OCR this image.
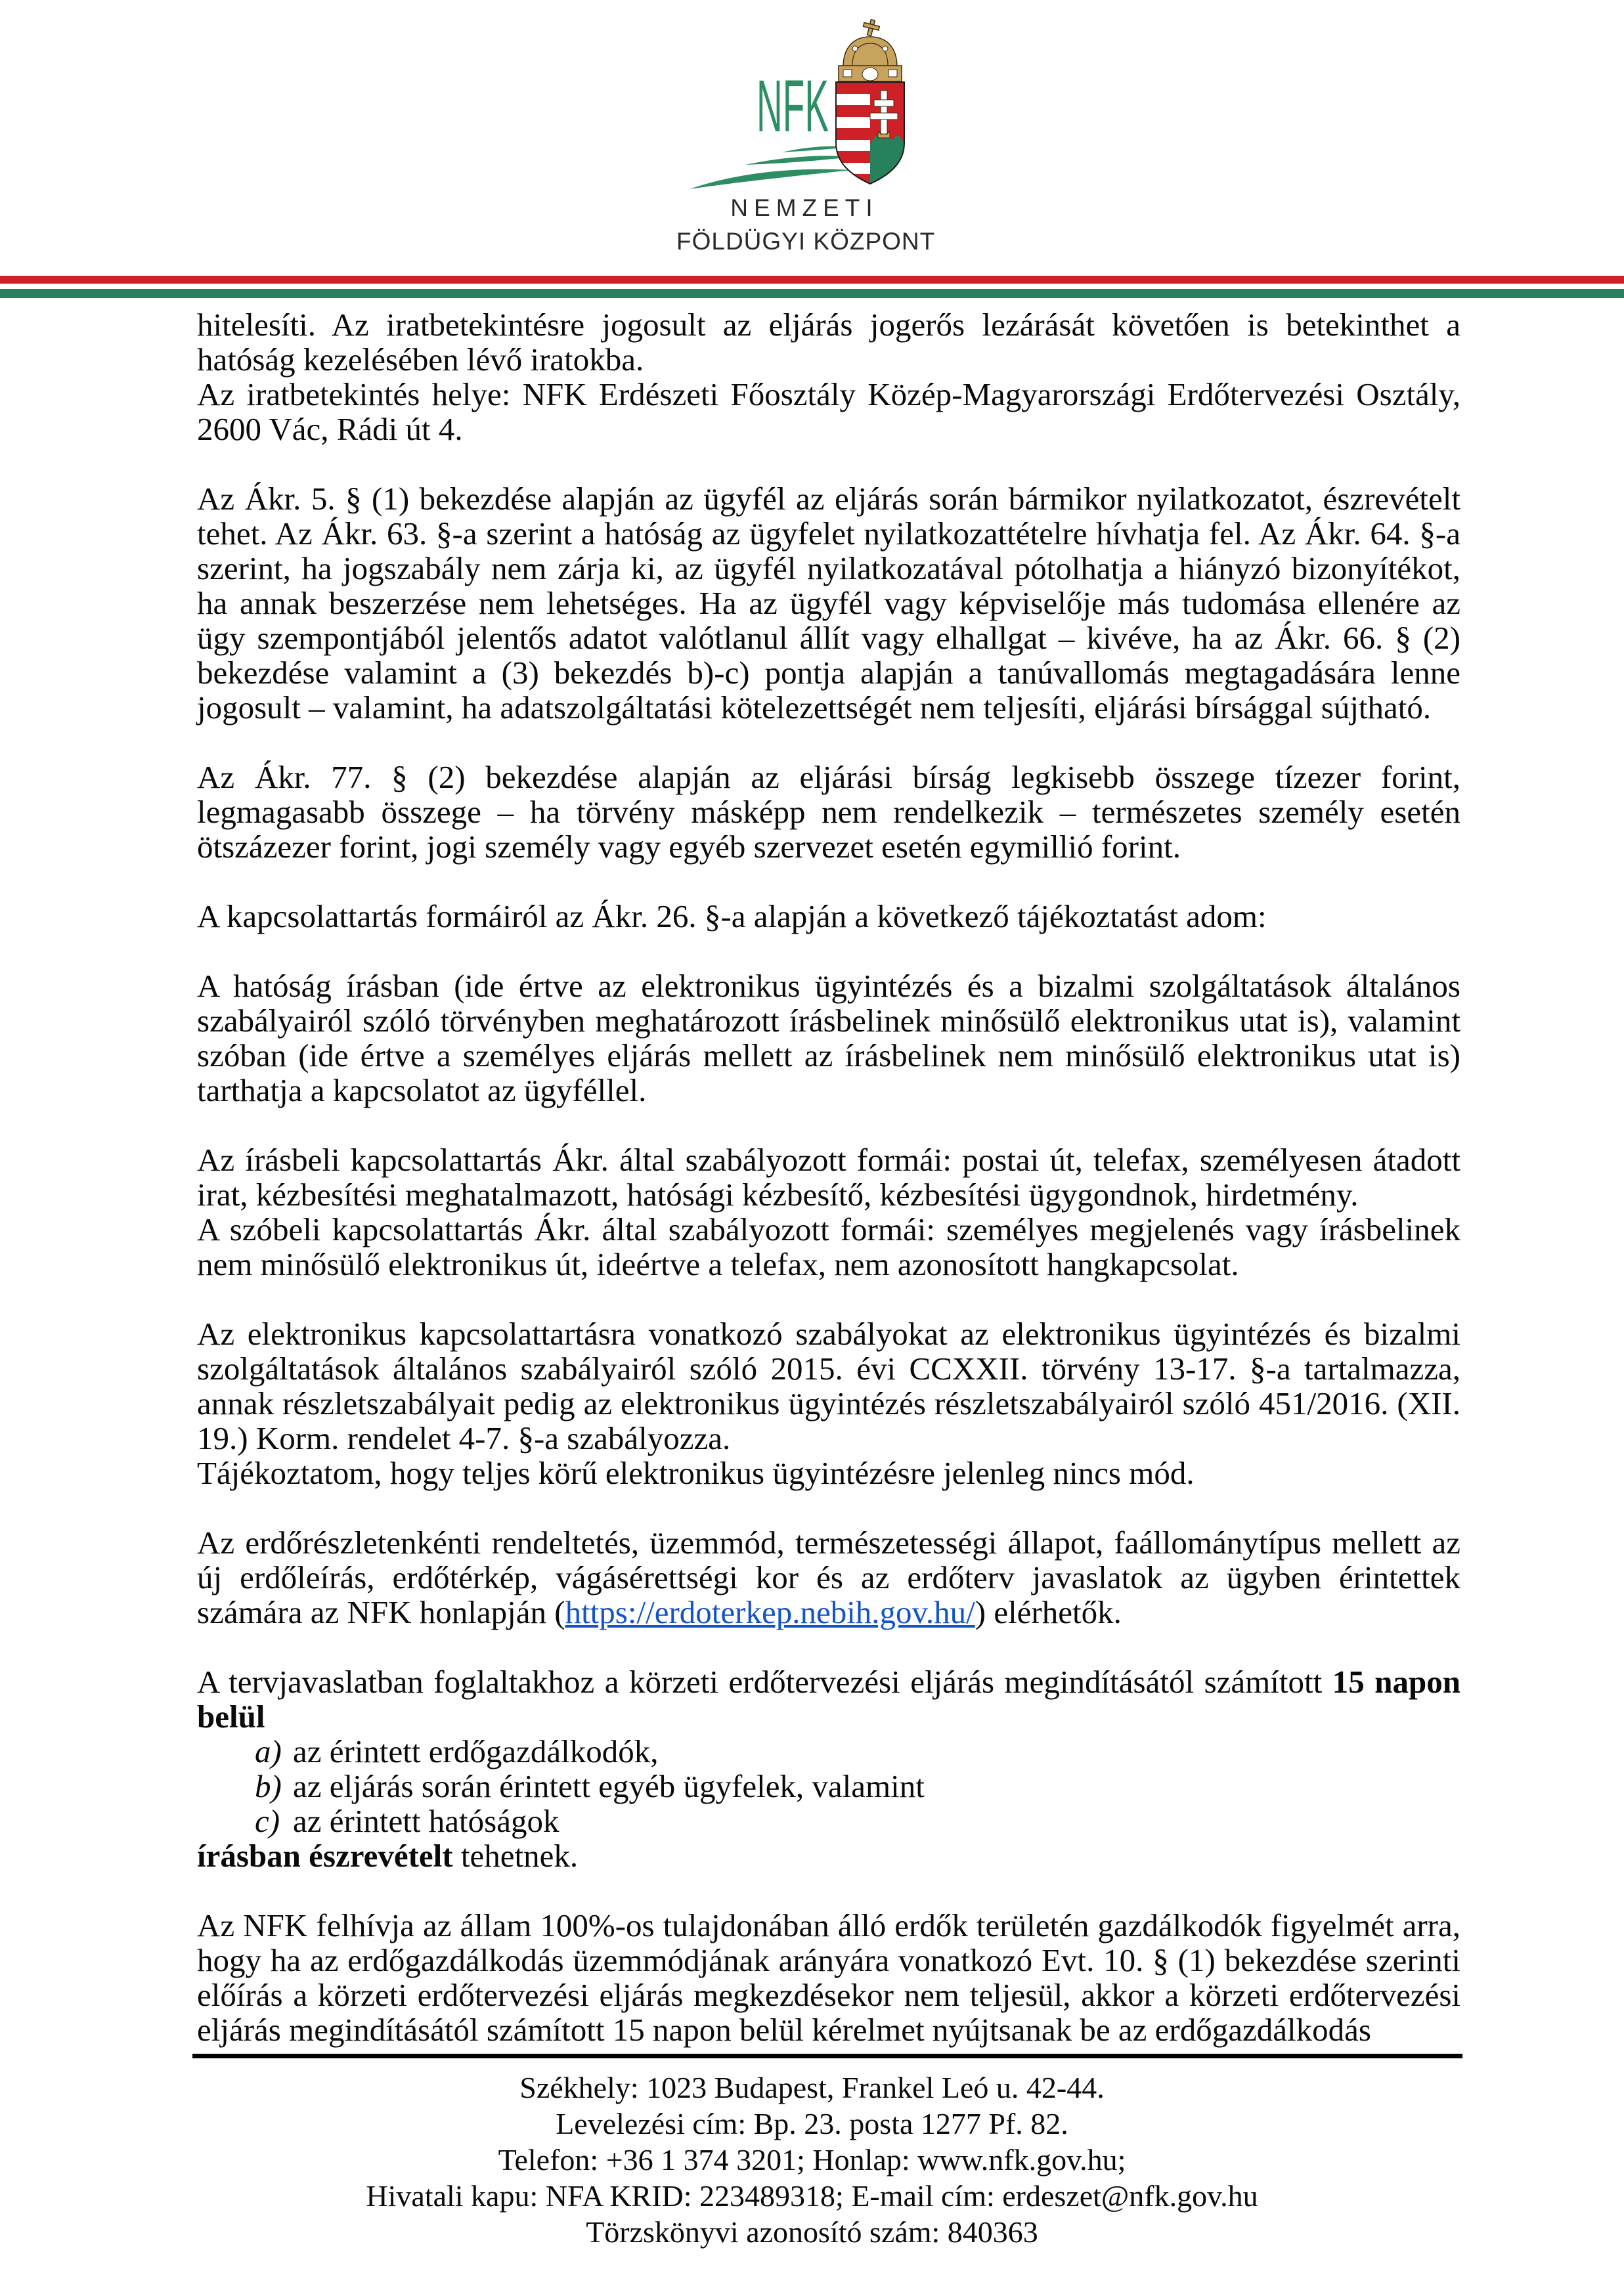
NFK
NEMZETI
FÖLDÜGYI KÖZPONT

hitelesíti. Az iratbetekintésre jogosult az eljárás jogerős lezárását követően is betekinthet a hatóság kezelésében lévő iratokba.

Az iratbetekintés helye: NFK Erdészeti Főosztály Közép-Magyarországi Erdőtervezési Osztály, 2600 Vác, Rádi út 4.

Az Ákr. 5. § (1) bekezdése alapján az ügyfél az eljárás során bármikor nyilatkozatot, észrevételt tehet. Az Ákr. 63. §-a szerint a hatóság az ügyfelet nyilatkozattételre hívhatja fel. Az Ákr. 64. §-a szerint, ha jogszabály nem zárja ki, az ügyfél nyilatkozatával pótolhatja a hiányzó bizonyítékot, ha annak beszerzése nem lehetséges. Ha az ügyfél vagy képviselője más tudomása ellenére az ügy szempontjából jelentős adatot valótlanul állít vagy elhallgat – kivéve, ha az Ákr. 66. § (2) bekezdése valamint a (3) bekezdés b)-c) pontja alapján a tanúvallomás megtagadására lenne jogosult – valamint, ha adatszolgáltatási kötelezettségét nem teljesíti, eljárási bírsággal sújtható.

Az Ákr. 77. § (2) bekezdése alapján az eljárási bírság legkisebb összege tízezer forint, legmagasabb összege – ha törvény másképp nem rendelkezik – természetes személy esetén ötszázezer forint, jogi személy vagy egyéb szervezet esetén egymillió forint.

A kapcsolattartás formáiról az Ákr. 26. §-a alapján a következő tájékoztatást adom:

A hatóság írásban (ide értve az elektronikus ügyintézés és a bizalmi szolgáltatások általános szabályairól szóló törvényben meghatározott írásbelinek minősülő elektronikus utat is), valamint szóban (ide értve a személyes eljárás mellett az írásbelinek nem minősülő elektronikus utat is) tarthatja a kapcsolatot az ügyféllel.

Az írásbeli kapcsolattartás Ákr. által szabályozott formái: postai út, telefax, személyesen átadott irat, kézbesítési meghatalmazott, hatósági kézbesítő, kézbesítési ügygondnok, hirdetmény.

A szóbeli kapcsolattartás Ákr. által szabályozott formái: személyes megjelenés vagy írásbelinek nem minősülő elektronikus út, ideértve a telefax, nem azonosított hangkapcsolat.

Az elektronikus kapcsolattartásra vonatkozó szabályokat az elektronikus ügyintézés és bizalmi szolgáltatások általános szabályairól szóló 2015. évi CCXXII. törvény 13-17. §-a tartalmazza, annak részletszabályait pedig az elektronikus ügyintézés részletszabályairól szóló 451/2016. (XII. 19.) Korm. rendelet 4-7. §-a szabályozza.

Tájékoztatom, hogy teljes körű elektronikus ügyintézésre jelenleg nincs mód.

Az erdőrészletenkénti rendeltetés, üzemmód, természetességi állapot, faállománytípus mellett az új erdőleírás, erdőtérkép, vágásérettségi kor és az erdőterv javaslatok az ügyben érintettek számára az NFK honlapján (https://erdoterkep.nebih.gov.hu/) elérhetők.

A tervjavaslatban foglaltakhoz a körzeti erdőtervezési eljárás megindításától számított 15 napon belül

a) az érintett erdőgazdálkodók,
b) az eljárás során érintett egyéb ügyfelek, valamint
c) az érintett hatóságok

írásban észrevételt tehetnek.

Az NFK felhívja az állam 100%-os tulajdonában álló erdők területén gazdálkodók figyelmét arra, hogy ha az erdőgazdálkodás üzemmódjának arányára vonatkozó Evt. 10. § (1) bekezdése szerinti előírás a körzeti erdőtervezési eljárás megkezdésekor nem teljesül, akkor a körzeti erdőtervezési eljárás megindításától számított 15 napon belül kérelmet nyújtsanak be az erdőgazdálkodás

Székhely: 1023 Budapest, Frankel Leó u. 42-44.
Levelezési cím: Bp. 23. posta 1277 Pf. 82.
Telefon: +36 1 374 3201; Honlap: www.nfk.gov.hu;
Hivatali kapu: NFA KRID: 223489318; E-mail cím: erdeszet@nfk.gov.hu
Törzskönyvi azonosító szám: 840363
